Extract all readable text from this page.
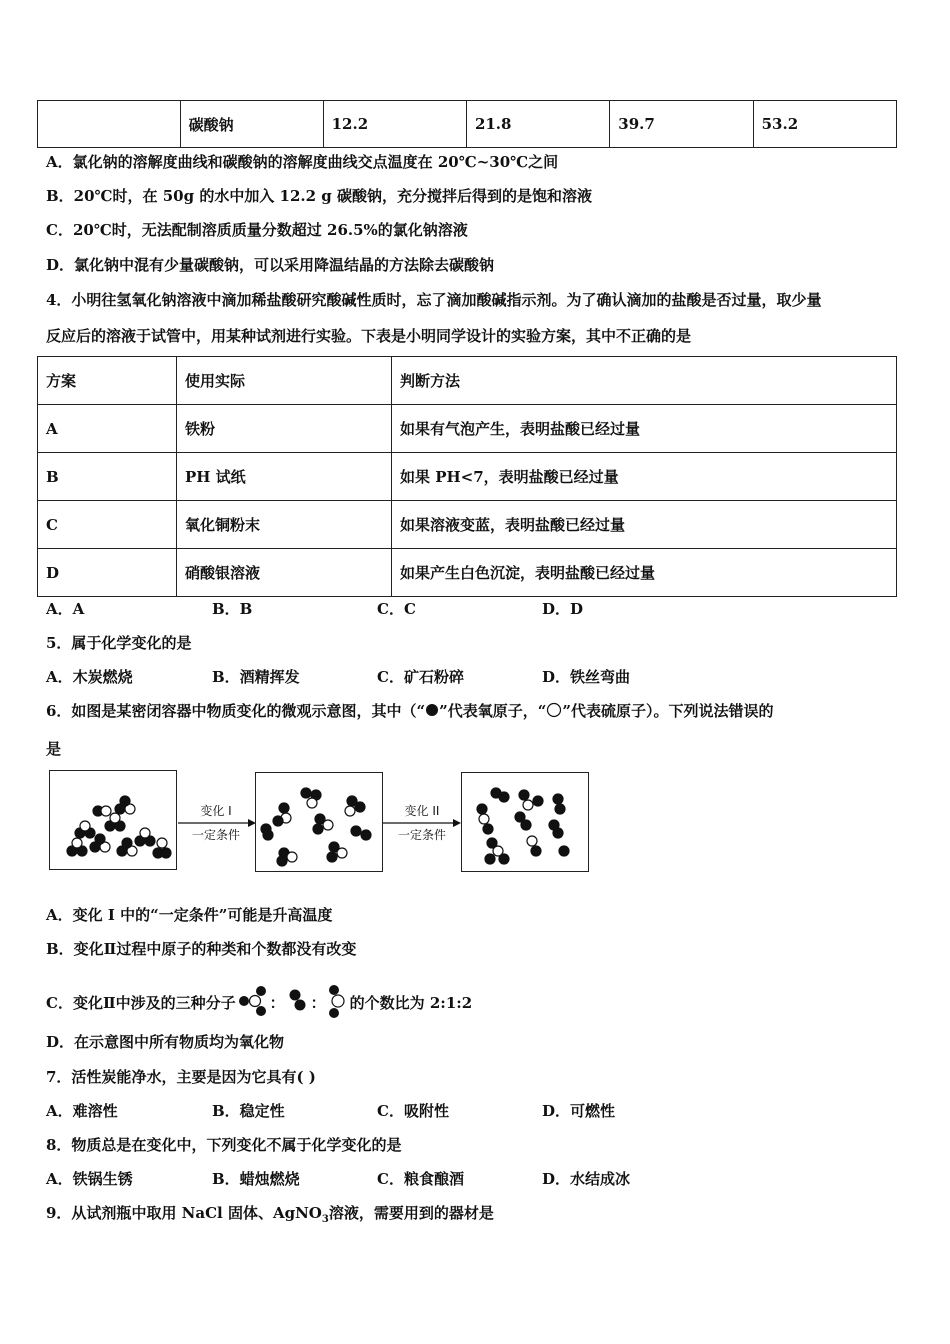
	碳酸钠	12.2	21.8	39.7	53.2
A．氯化钠的溶解度曲线和碳酸钠的溶解度曲线交点温度在 20℃~30℃之间
B．20℃时，在 50g 的水中加入 12.2 g 碳酸钠，充分搅拌后得到的是饱和溶液
C．20℃时，无法配制溶质质量分数超过 26.5%的氯化钠溶液
D．氯化钠中混有少量碳酸钠，可以采用降温结晶的方法除去碳酸钠
4．小明往氢氧化钠溶液中滴加稀盐酸研究酸碱性质时，忘了滴加酸碱指示剂。为了确认滴加的盐酸是否过量，取少量
反应后的溶液于试管中，用某种试剂进行实验。下表是小明同学设计的实验方案，其中不正确的是
方案	使用实际	判断方法
A	铁粉	如果有气泡产生，表明盐酸已经过量
B	PH 试纸	如果 PH<7，表明盐酸已经过量
C	氧化铜粉末	如果溶液变蓝，表明盐酸已经过量
D	硝酸银溶液	如果产生白色沉淀，表明盐酸已经过量
A．A	B．B	C．C	D．D
5．属于化学变化的是
A．木炭燃烧	B．酒精挥发	C．矿石粉碎	D．铁丝弯曲
6．如图是某密闭容器中物质变化的微观示意图，其中（“ ”代表氧原子，“ ”代表硫原子）。下列说法错误的
是
变化 I
一定条件
变化 II
一定条件
A．变化 I 中的“一定条件”可能是升高温度
B．变化Ⅱ过程中原子的种类和个数都没有改变
C．变化Ⅱ中涉及的三种分子 ： ： 的个数比为 2:1:2
D．在示意图中所有物质均为氧化物
7．活性炭能净水，主要是因为它具有( )
A．难溶性	B．稳定性	C．吸附性	D．可燃性
8．物质总是在变化中，下列变化不属于化学变化的是
A．铁锅生锈	B．蜡烛燃烧	C．粮食酿酒	D．水结成冰
9．从试剂瓶中取用 NaCl 固体、AgNO$_3$溶液，需要用到的器材是
